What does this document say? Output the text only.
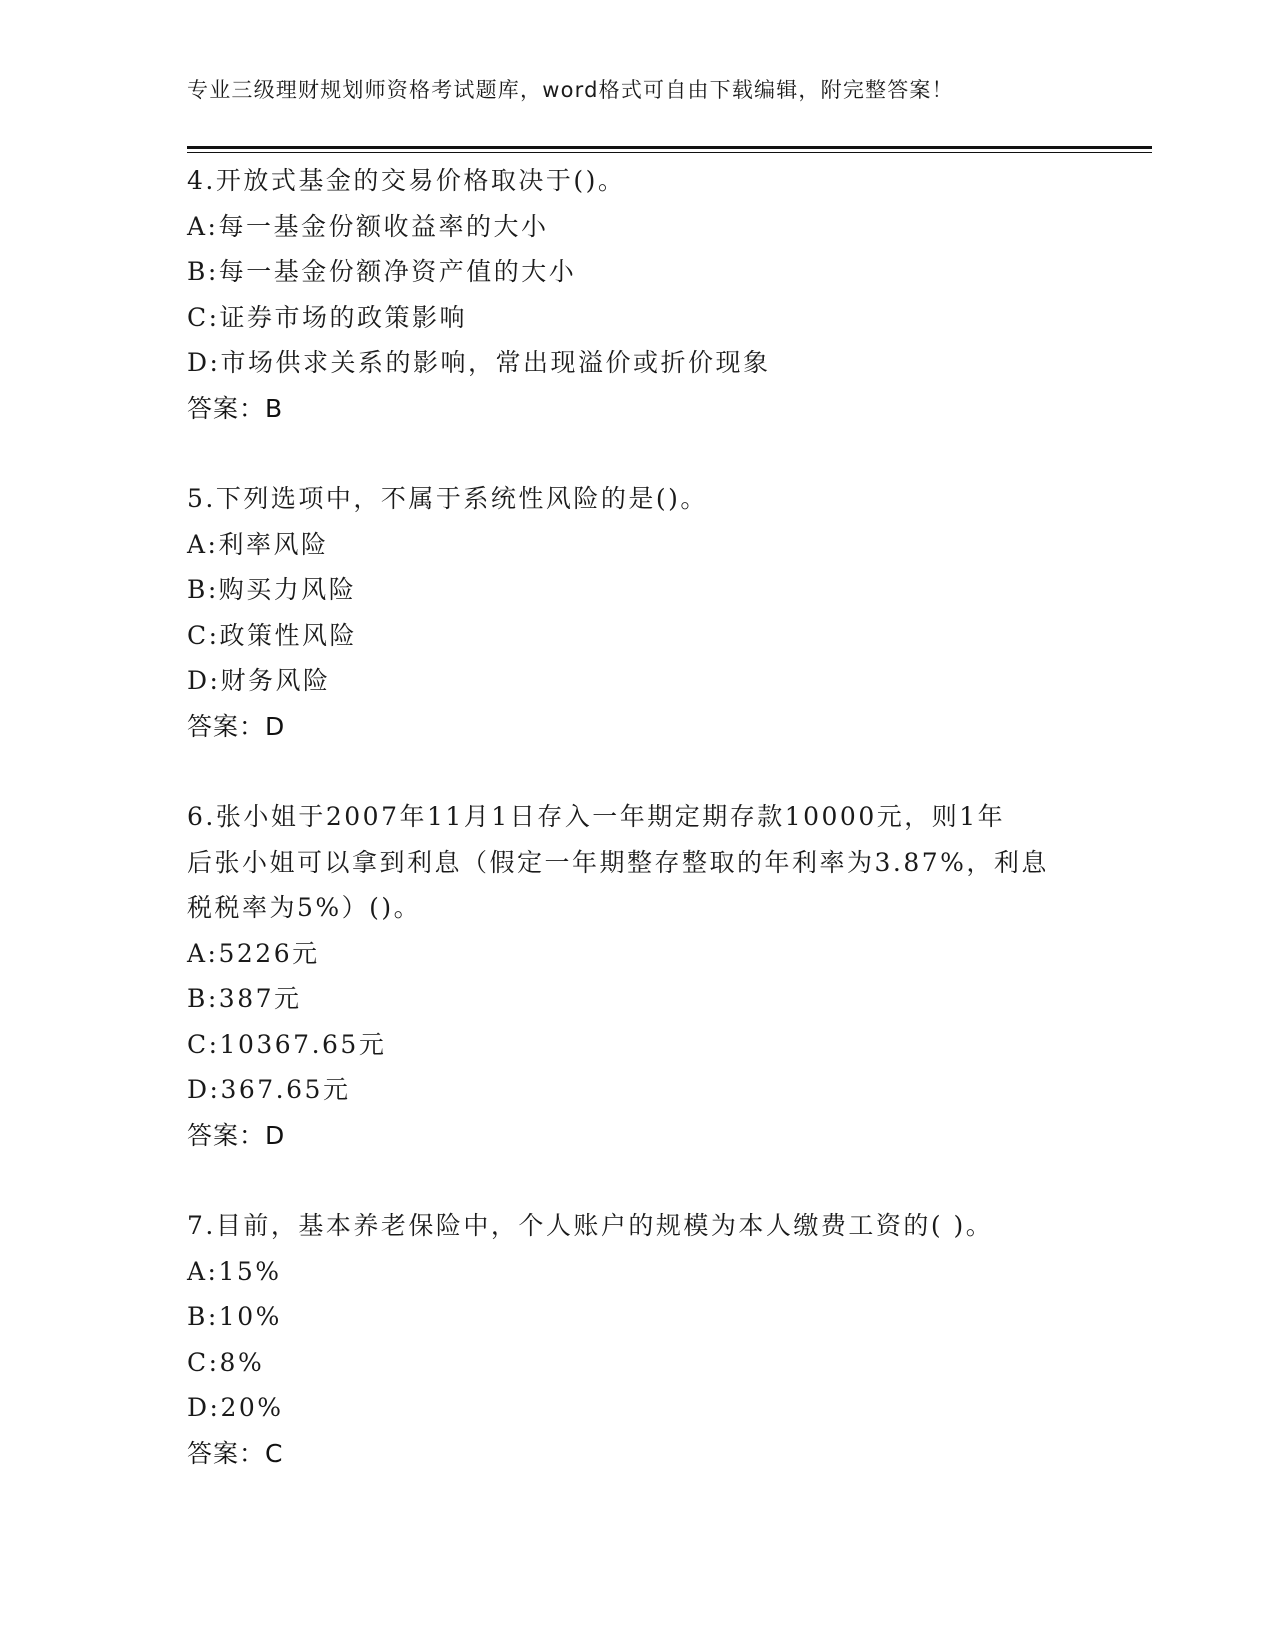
专业三级理财规划师资格考试题库，word格式可自由下载编辑，附完整答案！
4.开放式基金的交易价格取决于()。
A:每一基金份额收益率的大小
B:每一基金份额净资产值的大小
C:证券市场的政策影响
D:市场供求关系的影响，常出现溢价或折价现象
答案：B
5.下列选项中，不属于系统性风险的是()。
A:利率风险
B:购买力风险
C:政策性风险
D:财务风险
答案：D
6.张小姐于2007年11月1日存入一年期定期存款10000元，则1年
后张小姐可以拿到利息（假定一年期整存整取的年利率为3.87%，利息
税税率为5%）()。
A:5226元
B:387元
C:10367.65元
D:367.65元
答案：D
7.目前，基本养老保险中，个人账户的规模为本人缴费工资的( )。
A:15%
B:10%
C:8%
D:20%
答案：C
